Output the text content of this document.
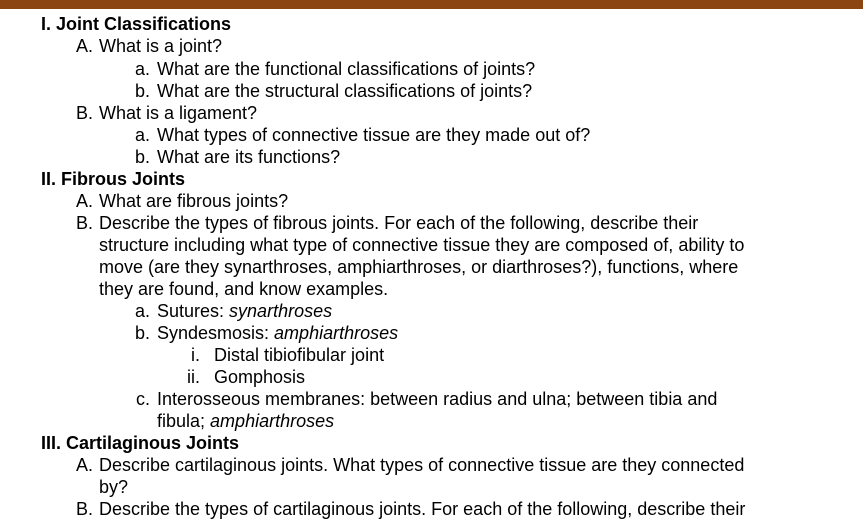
I. Joint Classifications
A. What is a joint?
a. What are the functional classifications of joints?
b. What are the structural classifications of joints?
B. What is a ligament?
a. What types of connective tissue are they made out of?
b. What are its functions?
II. Fibrous Joints
A. What are fibrous joints?
B. Describe the types of fibrous joints. For each of the following, describe their
structure including what type of connective tissue they are composed of, ability to
move (are they synarthroses, amphiarthroses, or diarthroses?), functions, where
they are found, and know examples.
a. Sutures: synarthroses
b. Syndesmosis: amphiarthroses
i. Distal tibiofibular joint
ii. Gomphosis
c. Interosseous membranes: between radius and ulna; between tibia and
fibula; amphiarthroses
III. Cartilaginous Joints
A. Describe cartilaginous joints. What types of connective tissue are they connected
by?
B. Describe the types of cartilaginous joints. For each of the following, describe their
